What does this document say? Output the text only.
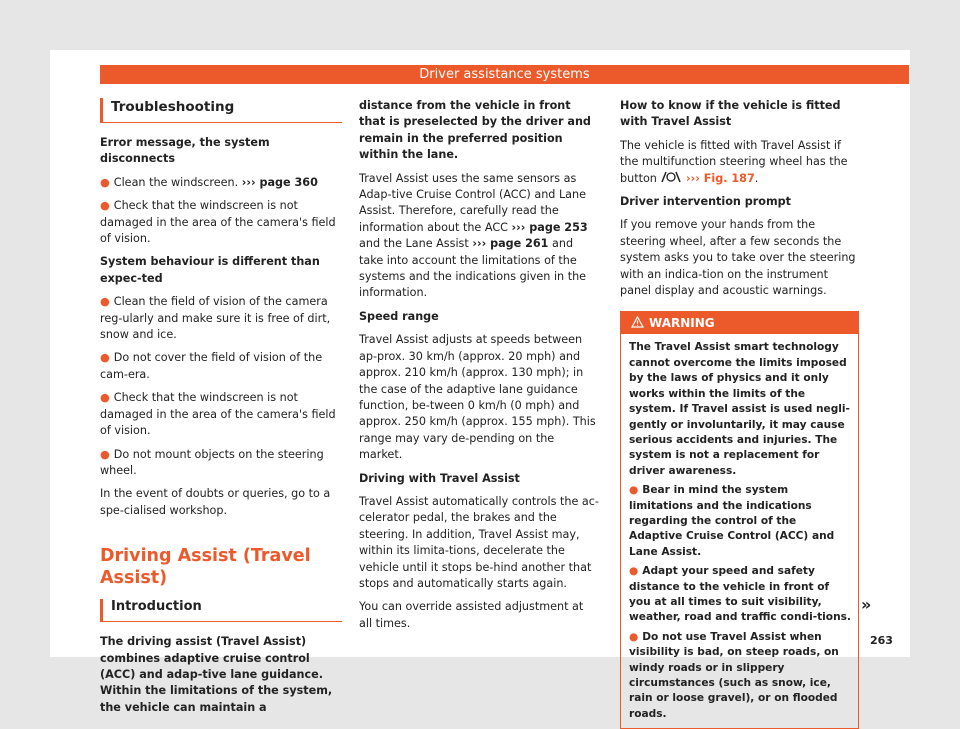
Driver assistance systems
Troubleshooting

Error message, the system disconnects

● Clean the windscreen. ››› page 360

● Check that the windscreen is not damaged in the area of the camera's field of vision.

System behaviour is different than expec-ted

● Clean the field of vision of the camera reg-ularly and make sure it is free of dirt, snow and ice.

● Do not cover the field of vision of the cam-era.

● Check that the windscreen is not damaged in the area of the camera's field of vision.

● Do not mount objects on the steering wheel.

In the event of doubts or queries, go to a spe-cialised workshop.

Driving Assist (Travel Assist)
Introduction

The driving assist (Travel Assist) combines adaptive cruise control (ACC) and adap-tive lane guidance. Within the limitations of the system, the vehicle can maintain a

distance from the vehicle in front that is preselected by the driver and remain in the preferred position within the lane.

Travel Assist uses the same sensors as Adap-tive Cruise Control (ACC) and Lane Assist. Therefore, carefully read the information about the ACC ››› page 253 and the Lane Assist ››› page 261 and take into account the limitations of the systems and the indications given in the information.

Speed range

Travel Assist adjusts at speeds between ap-prox. 30 km/h (approx. 20 mph) and approx. 210 km/h (approx. 130 mph); in the case of the adaptive lane guidance function, be-tween 0 km/h (0 mph) and approx. 250 km/h (approx. 155 mph). This range may vary de-pending on the market.

Driving with Travel Assist

Travel Assist automatically controls the ac-celerator pedal, the brakes and the steering. In addition, Travel Assist may, within its limita-tions, decelerate the vehicle until it stops be-hind another that stops and automatically starts again.

You can override assisted adjustment at all times.

How to know if the vehicle is fitted with Travel Assist

The vehicle is fitted with Travel Assist if the multifunction steering wheel has the button	››› Fig. 187.

Driver intervention prompt

If you remove your hands from the steering wheel, after a few seconds the system asks you to take over the steering with an indica-tion on the instrument panel display and acoustic warnings.

WARNING

The Travel Assist smart technology cannot overcome the limits imposed by the laws of physics and it only works within the limits of the system. If Travel assist is used negli-gently or involuntarily, it may cause serious accidents and injuries. The system is not a replacement for driver awareness.

● Bear in mind the system limitations and the indications regarding the control of the Adaptive Cruise Control (ACC) and Lane Assist.

● Adapt your speed and safety distance to the vehicle in front of you at all times to suit visibility, weather, road and traffic condi-tions.

● Do not use Travel Assist when visibility is bad, on steep roads, on windy roads or in slippery circumstances (such as snow, ice, rain or loose gravel), or on flooded roads.

»
263
